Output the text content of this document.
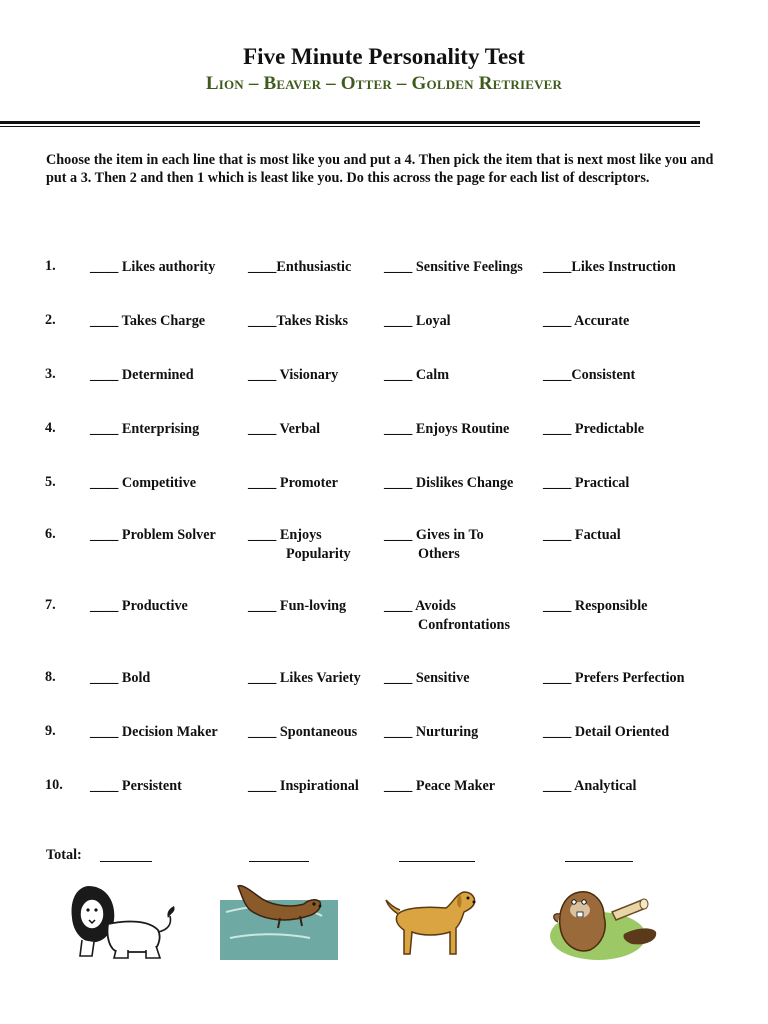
Five Minute Personality Test
Lion – Beaver – Otter – Golden Retriever
Choose the item in each line that is most like you and put a 4. Then pick the item that is next most like you and put a 3. Then 2 and then 1 which is least like you. Do this across the page for each list of descriptors.
1. ____ Likes authority ____Enthusiastic ____ Sensitive Feelings ____Likes Instruction
2. ____ Takes Charge	____Takes Risks	____ Loyal	____ Accurate
3. ____ Determined	____ Visionary	____ Calm	____Consistent
4. ____ Enterprising	____ Verbal	____ Enjoys Routine ____ Predictable
5. ____ Competitive	____ Promoter	____ Dislikes Change ____ Practical
6. ____ Problem Solver ____ Enjoys
Popularity
____ Gives in To
Others
____ Factual
7. ____ Productive	____ Fun-loving	____ Avoids
Confrontations
____ Responsible
8. ____ Bold	____ Likes Variety ____ Sensitive	____ Prefers Perfection
9. ____ Decision Maker ____ Spontaneous ____ Nurturing	____ Detail Oriented
10. ____ Persistent	____ Inspirational ____ Peace Maker	____ Analytical
Total:
